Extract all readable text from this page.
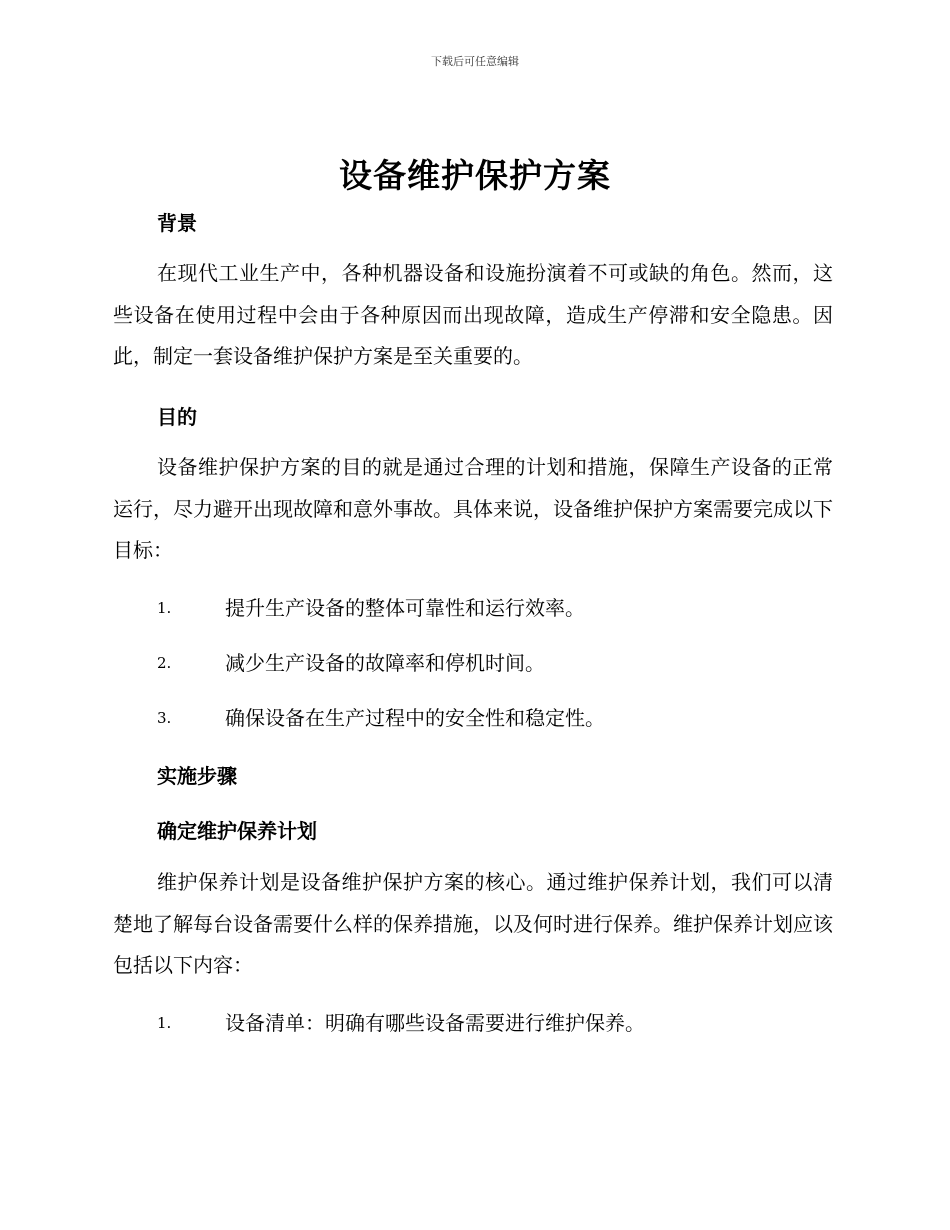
下载后可任意编辑
设备维护保护方案
背景
在现代工业生产中，各种机器设备和设施扮演着不可或缺的角色。然而，这些设备在使用过程中会由于各种原因而出现故障，造成生产停滞和安全隐患。因此，制定一套设备维护保护方案是至关重要的。
目的
设备维护保护方案的目的就是通过合理的计划和措施，保障生产设备的正常运行，尽力避开出现故障和意外事故。具体来说，设备维护保护方案需要完成以下目标：
1.	提升生产设备的整体可靠性和运行效率。
2.	减少生产设备的故障率和停机时间。
3.	确保设备在生产过程中的安全性和稳定性。
实施步骤
确定维护保养计划
维护保养计划是设备维护保护方案的核心。通过维护保养计划，我们可以清楚地了解每台设备需要什么样的保养措施，以及何时进行保养。维护保养计划应该包括以下内容：
1.	设备清单：明确有哪些设备需要进行维护保养。
